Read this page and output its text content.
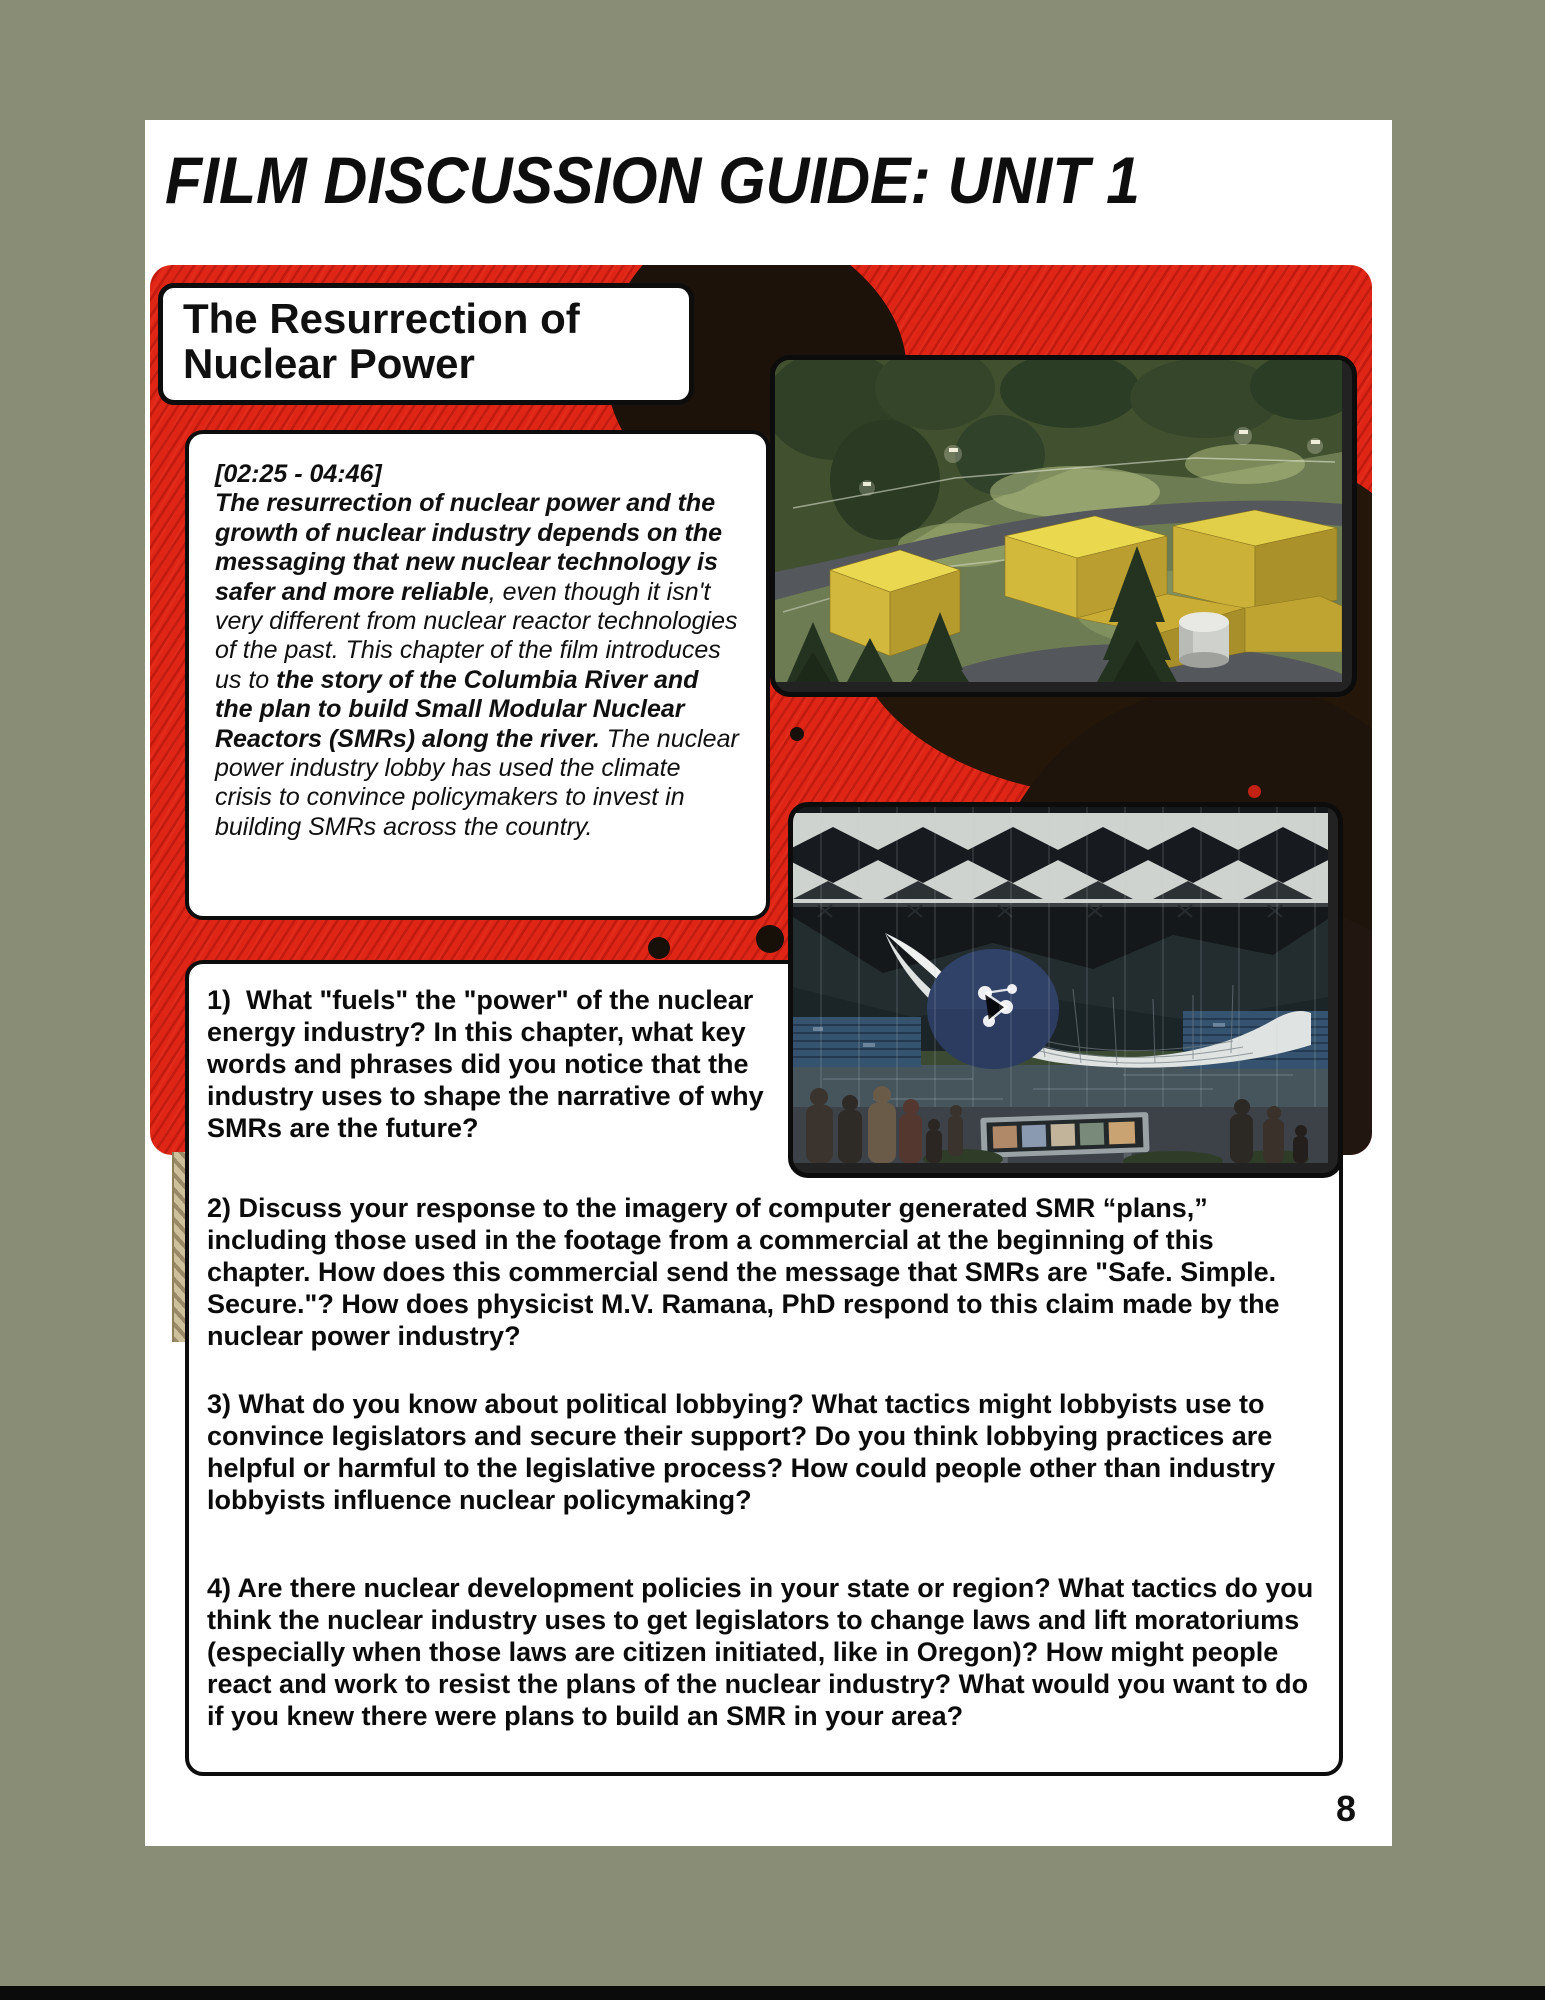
FILM DISCUSSION GUIDE: UNIT 1
The Resurrection of Nuclear Power
[02:25 - 04:46]
The resurrection of nuclear power and the growth of nuclear industry depends on the messaging that new nuclear technology is safer and more reliable, even though it isn't very different from nuclear reactor technologies of the past. This chapter of the film introduces us to the story of the Columbia River and the plan to build Small Modular Nuclear Reactors (SMRs) along the river. The nuclear power industry lobby has used the climate crisis to convince policymakers to invest in building SMRs across the country.

1)  What "fuels" the "power" of the nuclear energy industry? In this chapter, what key words and phrases did you notice that the industry uses to shape the narrative of why SMRs are the future?

2) Discuss your response to the imagery of computer generated SMR “plans,” including those used in the footage from a commercial at the beginning of this chapter. How does this commercial send the message that SMRs are "Safe. Simple. Secure."? How does physicist M.V. Ramana, PhD respond to this claim made by the nuclear power industry?

3) What do you know about political lobbying? What tactics might lobbyists use to convince legislators and secure their support? Do you think lobbying practices are helpful or harmful to the legislative process? How could people other than industry lobbyists influence nuclear policymaking?

4) Are there nuclear development policies in your state or region? What tactics do you think the nuclear industry uses to get legislators to change laws and lift moratoriums (especially when those laws are citizen initiated, like in Oregon)? How might people react and work to resist the plans of the nuclear industry? What would you want to do if you knew there were plans to build an SMR in your area?

8
